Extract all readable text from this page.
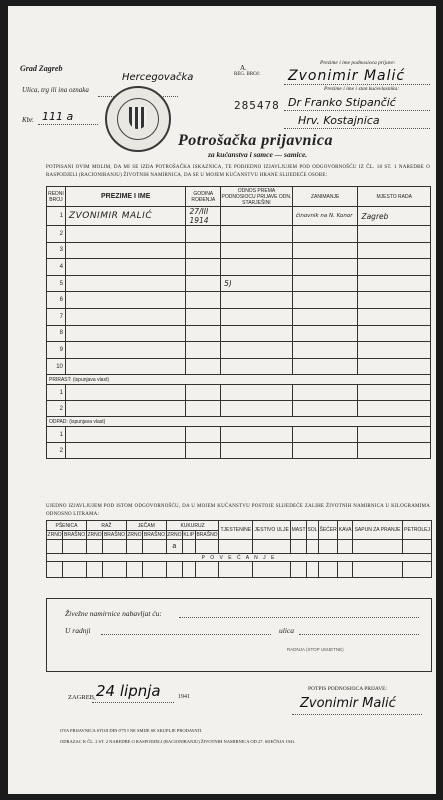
Grad Zagreb
Ulica, trg ili ina oznaka
Hercegovačka
Kbr. 111 a
A.
REG. BROJ:
285478
Prezime i ime podnosioca prijave:
Zvonimir Malić
Prezime i ime i stan kućevlasnika:
Dr Franko Stipančić
Hrv. Kostajnica
Potrošačka prijavnica
za kućanstva i samce — samice.
POTPISANI OVIM MOLIM, DA MI SE IZDA POTROŠAČKA ISKAZNICA, TE PODJEDNO IZJAVLJUJEM POD ODGOVORNOŠĆU IZ ČL. 18 ST. 1 NAREDBE O RASPODJELI (RACIONIRANJU) ŽIVOTNIH NAMIRNICA, DA SE U MOJEM KUĆANSTVU HRANE SLIJEDEĆE OSOBE:
REDNI BROJ	PREZIME I IME	GODINA ROĐENJA	ODNOS PREMA PODNOSIOCU PRIJAVE ODN. STARJEŠINI	ZANIMANJE	MJESTO RADA
1	ZVONIMIR MALIĆ	27/III 1914		činovnik na N. Konor	Zagreb
2					
3					
4					
5			5)		
6					
7					
8					
9					
10					
PRIRAST: (ispunjava vlast)					
1					
2					
ODPAD: (ispunjava vlast)					
1					
2					
UJEDNO IZJAVLJUJEM POD ISTOM ODGOVORNOŠĆU, DA U MOJEM KUĆANSTVU POSTOJE SLIJEDEĆE ZALIHE ŽIVOTNIH NAMIRNICA U KILOGRAMIMA ODNOSNO LITRAMA:
PŠENICA		RAŽ		JEČAM		KUKURUZ			TJESTENINE	JESTIVO ULJE	MAST	SOL	ŠEĆER	KAVA	SAPUN ZA PRANJE	PETROLEJ
ZRNO	BRAŠNO	ZRNO	BRAŠNO	ZRNO	BRAŠNO	ZRNO	KLIP	BRAŠNO								
						a										
P O V E Ć A N J E																

Živežne namirnice nabavljat ću:
U radnji	ulica
RADNJA (STOP UMJETNE)
ZAGREB, 24 lipnja	1941
POTPIS PODNOSIOCA PRIJAVE:
Zvonimir Malić
OVA PRIJAVNICA STOJI DIN 0'75 I NE SMIJE SE SKUPLJE PRODAVATI.
ODRAZAC K ČL. 2 ST. 2 NAREDBE O RASPODJELI (RACIONIRANJU) ŽIVOTNIH NAMIRNICA OD 27. SIJEČNJA 1941.
